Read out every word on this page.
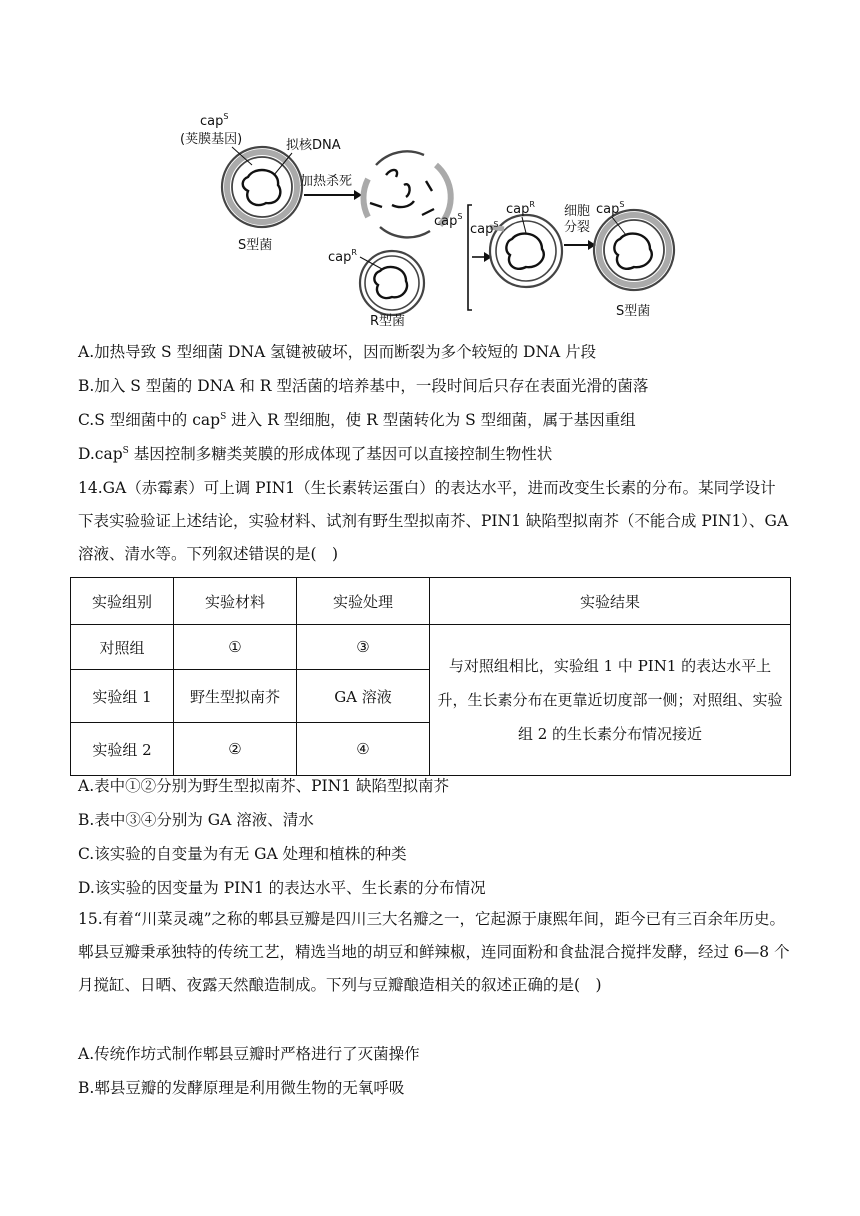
cap$^S$
(荚膜基因)	拟核DNA
S型菌
加热杀死
cap$^S$
cap$^R$
R型菌
cap$^S$
cap$^R$ 细胞
分裂
cap$^S$
S型菌
A.加热导致 S 型细菌 DNA 氢键被破坏，因而断裂为多个较短的 DNA 片段
B.加入 S 型菌的 DNA 和 R 型活菌的培养基中，一段时间后只存在表面光滑的菌落
C.S 型细菌中的 cap$^S$ 进入 R 型细胞，使 R 型菌转化为 S 型细菌，属于基因重组
D.cap$^S$ 基因控制多糖类荚膜的形成体现了基因可以直接控制生物性状
14.GA（赤霉素）可上调 PIN1（生长素转运蛋白）的表达水平，进而改变生长素的分布。某同学设计下表实验验证上述结论，实验材料、试剂有野生型拟南芥、PIN1 缺陷型拟南芥（不能合成 PIN1）、GA 溶液、清水等。下列叙述错误的是(　)
实验组别	实验材料	实验处理	实验结果
对照组	①	③	与对照组相比，实验组 1 中 PIN1 的表达水平上升，生长素分布在更靠近切度部一侧；对照组、实验组 2 的生长素分布情况接近
实验组 1	野生型拟南芥	GA 溶液	
实验组 2	②	④	
A.表中①②分别为野生型拟南芥、PIN1 缺陷型拟南芥
B.表中③④分别为 GA 溶液、清水
C.该实验的自变量为有无 GA 处理和植株的种类
D.该实验的因变量为 PIN1 的表达水平、生长素的分布情况
15.有着“川菜灵魂”之称的郫县豆瓣是四川三大名瓣之一，它起源于康熙年间，距今已有三百余年历史。郫县豆瓣秉承独特的传统工艺，精选当地的胡豆和鲜辣椒，连同面粉和食盐混合搅拌发酵，经过 6—8 个月搅缸、日晒、夜露天然酿造制成。下列与豆瓣酿造相关的叙述正确的是(　)
A.传统作坊式制作郫县豆瓣时严格进行了灭菌操作
B.郫县豆瓣的发酵原理是利用微生物的无氧呼吸
